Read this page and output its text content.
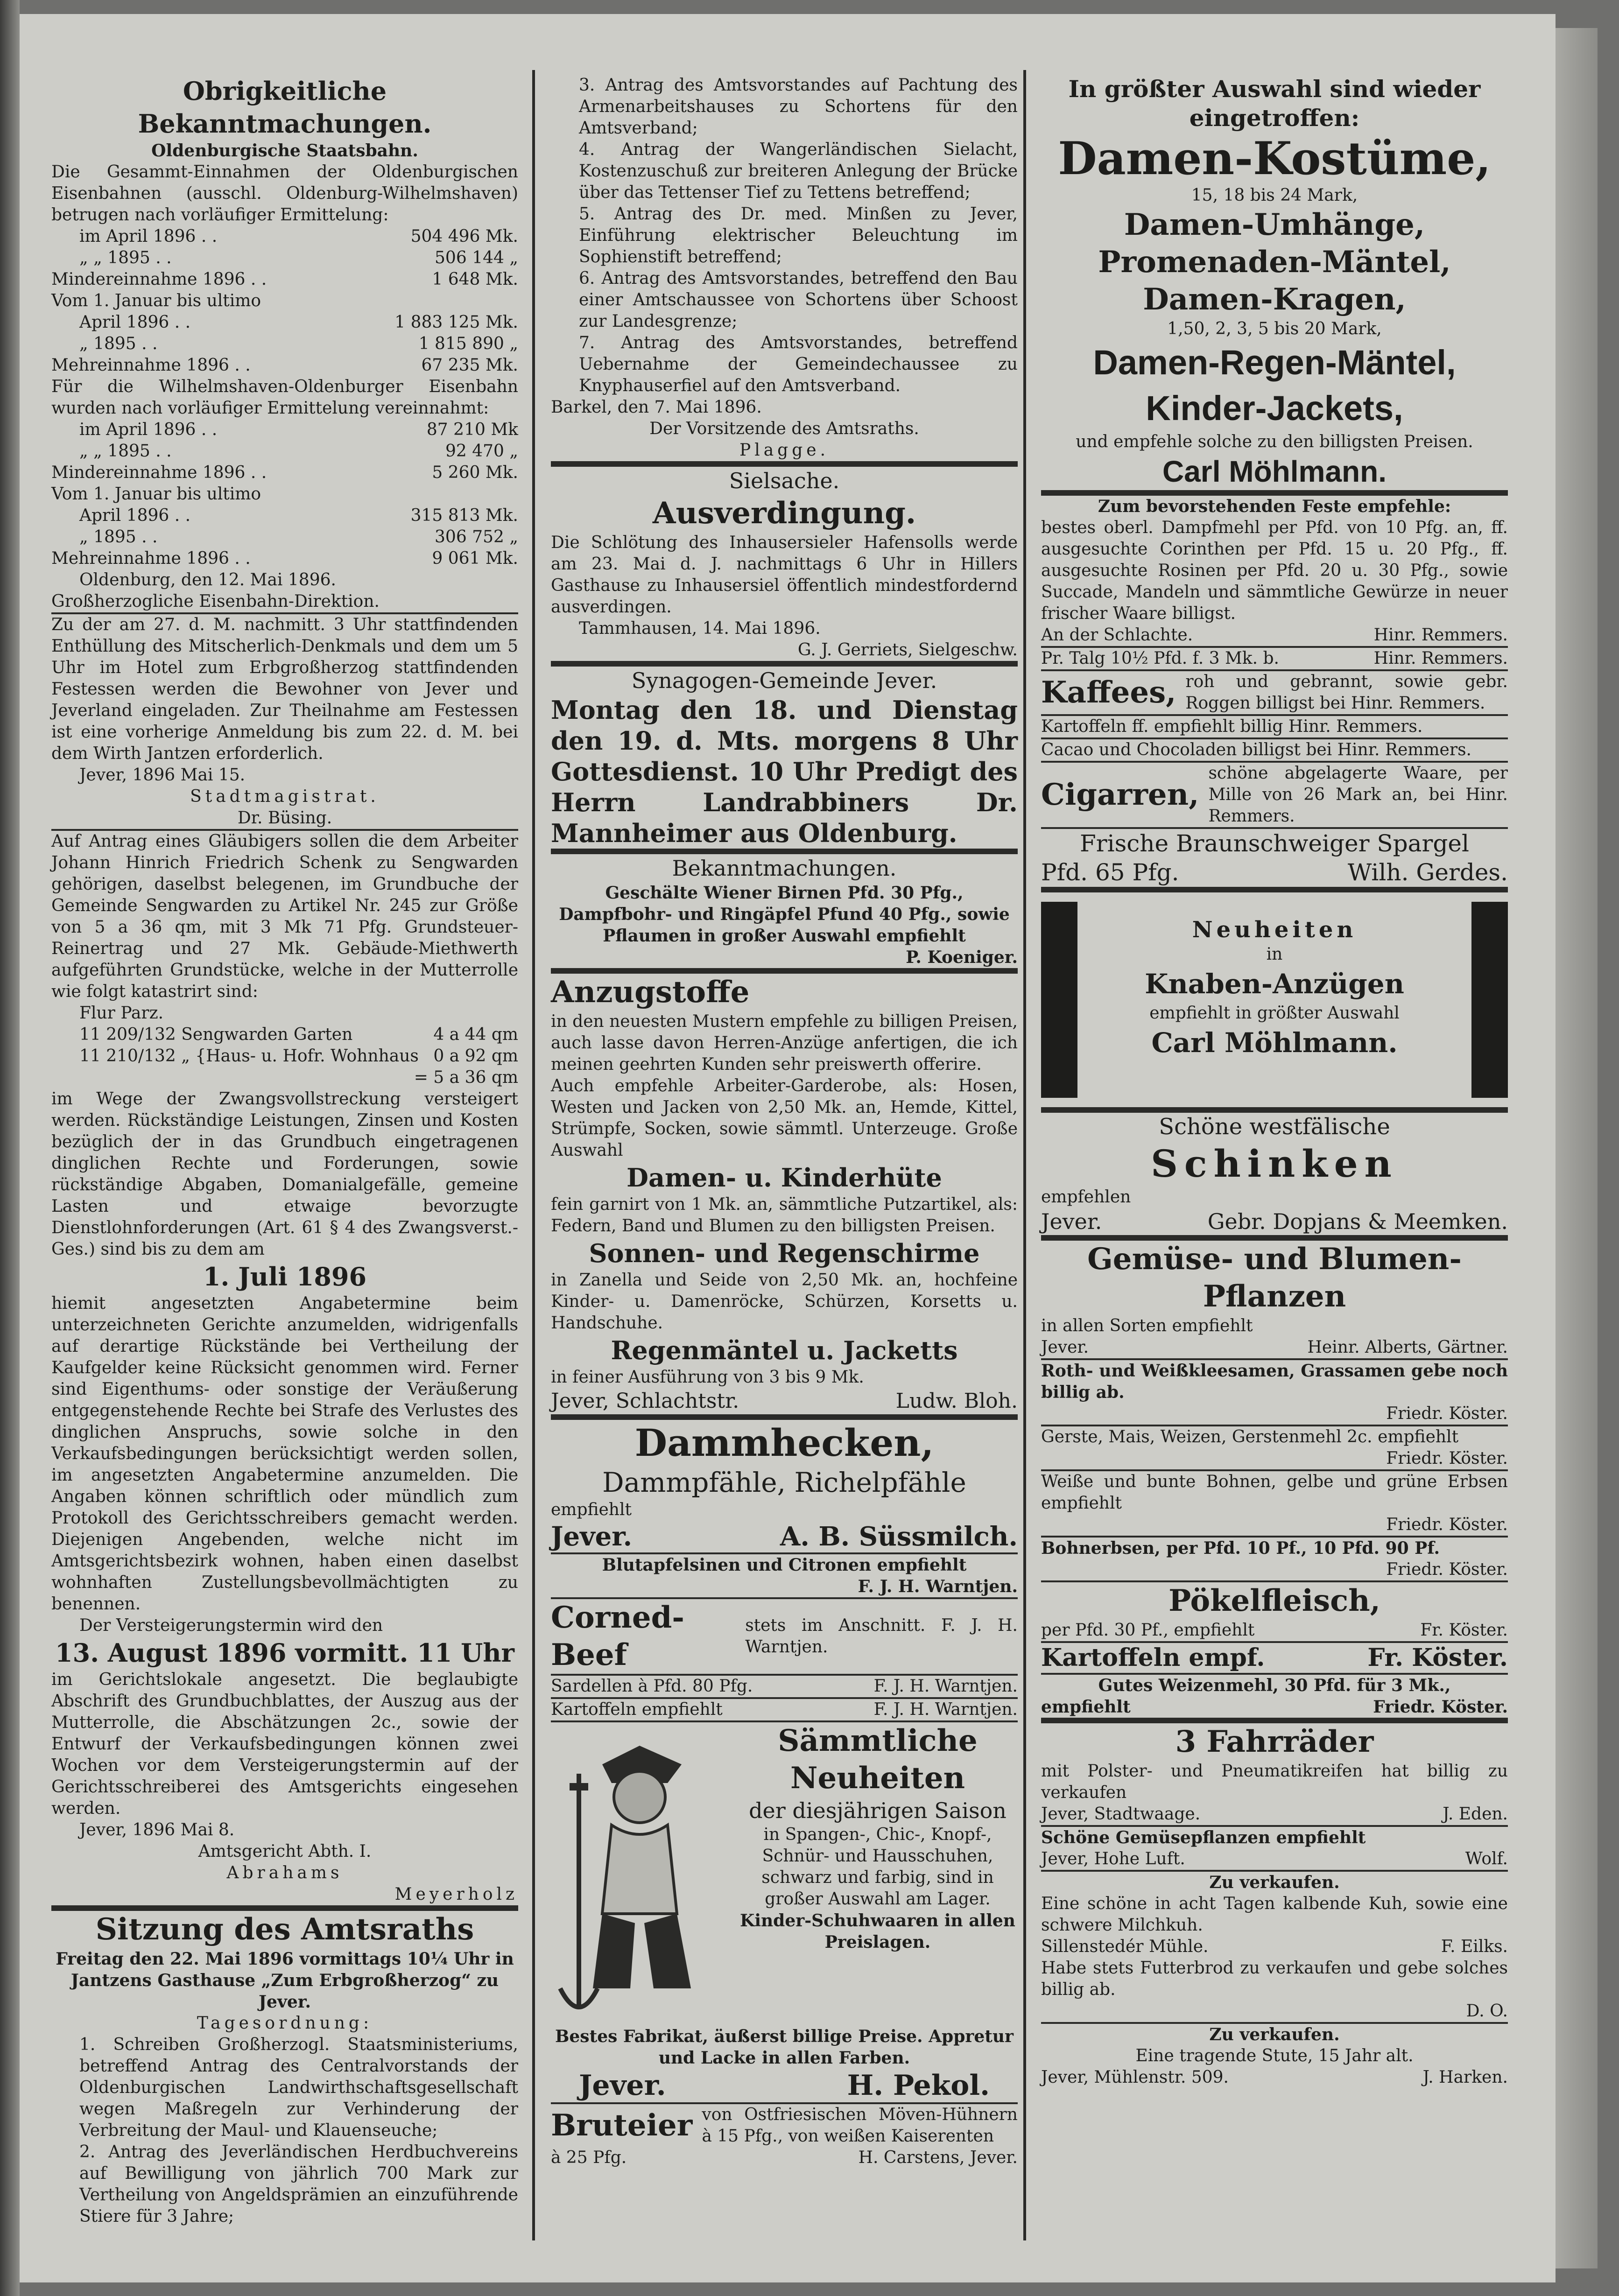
Obrigkeitliche Bekanntmachungen.

Oldenburgische Staatsbahn.

Die Gesammt-Einnahmen der Oldenburgischen Eisenbahnen (ausschl. Oldenburg-Wilhelmshaven) betrugen nach vorläufiger Ermittelung:

im April 1896 . .	504 496 Mk.
„ „ 1895 . .	506 144 „
Mindereinnahme 1896 . .	1 648 Mk.
Vom 1. Januar bis ultimo
April 1896 . .	1 883 125 Mk.
„ 1895 . .	1 815 890 „
Mehreinnahme 1896 . .	67 235 Mk.

Für die Wilhelmshaven-Oldenburger Eisenbahn wurden nach vorläufiger Ermittelung vereinnahmt:

im April 1896 . .	87 210 Mk
„ „ 1895 . .	92 470 „
Mindereinnahme 1896 . .	5 260 Mk.
Vom 1. Januar bis ultimo
April 1896 . .	315 813 Mk.
„ 1895 . .	306 752 „
Mehreinnahme 1896 . .	9 061 Mk.

Oldenburg, den 12. Mai 1896.

Großherzogliche Eisenbahn-Direktion.

Zu der am 27. d. M. nachmitt. 3 Uhr stattfindenden Enthüllung des Mitscherlich-Denkmals und dem um 5 Uhr im Hotel zum Erbgroßherzog stattfindenden Festessen werden die Bewohner von Jever und Jeverland eingeladen. Zur Theilnahme am Festessen ist eine vorherige Anmeldung bis zum 22. d. M. bei dem Wirth Jantzen erforderlich.

Jever, 1896 Mai 15.

Stadtmagistrat.

Dr. Büsing.

Auf Antrag eines Gläubigers sollen die dem Arbeiter Johann Hinrich Friedrich Schenk zu Sengwarden gehörigen, daselbst belegenen, im Grundbuche der Gemeinde Sengwarden zu Artikel Nr. 245 zur Größe von 5 a 36 qm, mit 3 Mk 71 Pfg. Grundsteuer-Reinertrag und 27 Mk. Gebäude-Miethwerth aufgeführten Grundstücke, welche in der Mutterrolle wie folgt katastrirt sind:

Flur Parz.

11 209/132 Sengwarden Garten	4 a 44 qm
11 210/132 „ {Haus- u. Hofr. Wohnhaus 0 a 92 qm

= 5 a 36 qm

im Wege der Zwangsvollstreckung versteigert werden. Rückständige Leistungen, Zinsen und Kosten bezüglich der in das Grundbuch eingetragenen dinglichen Rechte und Forderungen, sowie rückständige Abgaben, Domanialgefälle, gemeine Lasten und etwaige bevorzugte Dienstlohnforderungen (Art. 61 § 4 des Zwangsverst.-Ges.) sind bis zu dem am

1. Juli 1896

hiemit angesetzten Angabetermine beim unterzeichneten Gerichte anzumelden, widrigenfalls auf derartige Rückstände bei Vertheilung der Kaufgelder keine Rücksicht genommen wird. Ferner sind Eigenthums- oder sonstige der Veräußerung entgegenstehende Rechte bei Strafe des Verlustes des dinglichen Anspruchs, sowie solche in den Verkaufsbedingungen berücksichtigt werden sollen, im angesetzten Angabetermine anzumelden. Die Angaben können schriftlich oder mündlich zum Protokoll des Gerichtsschreibers gemacht werden. Diejenigen Angebenden, welche nicht im Amtsgerichtsbezirk wohnen, haben einen daselbst wohnhaften Zustellungsbevollmächtigten zu benennen.

Der Versteigerungstermin wird den

13. August 1896 vormitt. 11 Uhr

im Gerichtslokale angesetzt. Die beglaubigte Abschrift des Grundbuchblattes, der Auszug aus der Mutterrolle, die Abschätzungen 2c., sowie der Entwurf der Verkaufsbedingungen können zwei Wochen vor dem Versteigerungstermin auf der Gerichtsschreiberei des Amtsgerichts eingesehen werden.

Jever, 1896 Mai 8.

Amtsgericht Abth. I.

Abrahams

Meyerholz

Sitzung des Amtsraths

Freitag den 22. Mai 1896 vormittags 10¼ Uhr in Jantzens Gasthause „Zum Erbgroßherzog“ zu Jever.

Tagesordnung:

1. Schreiben Großherzogl. Staatsministeriums, betreffend Antrag des Centralvorstands der Oldenburgischen Landwirthschaftsgesellschaft wegen Maßregeln zur Verhinderung der Verbreitung der Maul- und Klauenseuche;

2. Antrag des Jeverländischen Herdbuchvereins auf Bewilligung von jährlich 700 Mark zur Vertheilung von Angeldsprämien an einzuführende Stiere für 3 Jahre;

3. Antrag des Amtsvorstandes auf Pachtung des Armenarbeitshauses zu Schortens für den Amtsverband;

4. Antrag der Wangerländischen Sielacht, Kostenzuschuß zur breiteren Anlegung der Brücke über das Tettenser Tief zu Tettens betreffend;

5. Antrag des Dr. med. Minßen zu Jever, Einführung elektrischer Beleuchtung im Sophienstift betreffend;

6. Antrag des Amtsvorstandes, betreffend den Bau einer Amtschaussee von Schortens über Schoost zur Landesgrenze;

7. Antrag des Amtsvorstandes, betreffend Uebernahme der Gemeindechaussee zu Knyphauserfiel auf den Amtsverband.

Barkel, den 7. Mai 1896.

Der Vorsitzende des Amtsraths.

Plagge.

Sielsache.

Ausverdingung.

Die Schlötung des Inhausersieler Hafensolls werde am 23. Mai d. J. nachmittags 6 Uhr in Hillers Gasthause zu Inhausersiel öffentlich mindestfordernd ausverdingen.

Tammhausen, 14. Mai 1896.

G. J. Gerriets, Sielgeschw.

Synagogen-Gemeinde Jever.

Montag den 18. und Dienstag den 19. d. Mts. morgens 8 Uhr Gottesdienst. 10 Uhr Predigt des Herrn Landrabbiners Dr. Mannheimer aus Oldenburg.

Bekanntmachungen.

Geschälte Wiener Birnen Pfd. 30 Pfg., Dampfbohr- und Ringäpfel Pfund 40 Pfg., sowie Pflaumen in großer Auswahl empfiehlt

P. Koeniger.

Anzugstoffe

in den neuesten Mustern empfehle zu billigen Preisen, auch lasse davon Herren-Anzüge anfertigen, die ich meinen geehrten Kunden sehr preiswerth offerire.

Auch empfehle Arbeiter-Garderobe, als: Hosen, Westen und Jacken von 2,50 Mk. an, Hemde, Kittel, Strümpfe, Socken, sowie sämmtl. Unterzeuge. Große Auswahl

Damen- u. Kinderhüte

fein garnirt von 1 Mk. an, sämmtliche Putzartikel, als: Federn, Band und Blumen zu den billigsten Preisen.

Sonnen- und Regenschirme

in Zanella und Seide von 2,50 Mk. an, hochfeine Kinder- u. Damenröcke, Schürzen, Korsetts u. Handschuhe.

Regenmäntel u. Jacketts

in feiner Ausführung von 3 bis 9 Mk.

Jever, Schlachtstr.	Ludw. Bloh.

Dammhecken,

Dammpfähle, Richelpfähle

empfiehlt

Jever.	A. B. Süssmilch.

Blutapfelsinen und Citronen empfiehlt

F. J. H. Warntjen.

Corned-Beef
stets im Anschnitt. F. J. H. Warntjen.
Sardellen à Pfd. 80 Pfg.	F. J. H. Warntjen.
Kartoffeln empfiehlt	F. J. H. Warntjen.

Sämmtliche Neuheiten

der diesjährigen Saison

in Spangen-, Chic-, Knopf-, Schnür- und Hausschuhen, schwarz und farbig, sind in großer Auswahl am Lager.

Kinder-Schuhwaaren in allen Preislagen.

Bestes Fabrikat, äußerst billige Preise. Appretur und Lacke in allen Farben.

Jever.	H. Pekol.
Bruteier von Ostfriesischen Möven-Hühnern à 15 Pfg., von weißen Kaiserenten
à 25 Pfg.	H. Carstens, Jever.

In größter Auswahl sind wieder eingetroffen:

Damen-Kostüme,

15, 18 bis 24 Mark,

Damen-Umhänge,

Promenaden-Mäntel,

Damen-Kragen,

1,50, 2, 3, 5 bis 20 Mark,

Damen-Regen-Mäntel,

Kinder-Jackets,

und empfehle solche zu den billigsten Preisen.

Carl Möhlmann.

Zum bevorstehenden Feste empfehle:

bestes oberl. Dampfmehl per Pfd. von 10 Pfg. an, ff. ausgesuchte Corinthen per Pfd. 15 u. 20 Pfg., ff. ausgesuchte Rosinen per Pfd. 20 u. 30 Pfg., sowie Succade, Mandeln und sämmtliche Gewürze in neuer frischer Waare billigst.

An der Schlachte.	Hinr. Remmers.
Pr. Talg 10½ Pfd. f. 3 Mk. b.	Hinr. Remmers.
Kaffees, roh und gebrannt, sowie gebr. Roggen billigst bei Hinr. Remmers.

Kartoffeln ff. empfiehlt billig Hinr. Remmers.

Cacao und Chocoladen billigst bei Hinr. Remmers.

Cigarren,
schöne abgelagerte Waare, per Mille von 26 Mark an, bei Hinr. Remmers.

Frische Braunschweiger Spargel

Pfd. 65 Pfg.	Wilh. Gerdes.

Neuheiten

in

Knaben-Anzügen

empfiehlt in größter Auswahl

Carl Möhlmann.

Schöne westfälische

Schinken

empfehlen

Jever.	Gebr. Dopjans & Meemken.

Gemüse- und Blumen-Pflanzen

in allen Sorten empfiehlt

Jever.	Heinr. Alberts, Gärtner.

Roth- und Weißkleesamen, Grassamen gebe noch billig ab.

Friedr. Köster.

Gerste, Mais, Weizen, Gerstenmehl 2c. empfiehlt

Friedr. Köster.

Weiße und bunte Bohnen, gelbe und grüne Erbsen empfiehlt

Friedr. Köster.

Bohnerbsen, per Pfd. 10 Pf., 10 Pfd. 90 Pf.

Friedr. Köster.

Pökelfleisch,

per Pfd. 30 Pf., empfiehlt	Fr. Köster.
Kartoffeln empf.	Fr. Köster.

Gutes Weizenmehl, 30 Pfd. für 3 Mk.,

empfiehlt	Friedr. Köster.

3 Fahrräder

mit Polster- und Pneumatikreifen hat billig zu verkaufen

Jever, Stadtwaage.	J. Eden.

Schöne Gemüsepflanzen empfiehlt

Jever, Hohe Luft.	Wolf.

Zu verkaufen.

Eine schöne in acht Tagen kalbende Kuh, sowie eine schwere Milchkuh.

Sillenstedér Mühle.	F. Eilks.

Habe stets Futterbrod zu verkaufen und gebe solches billig ab.

D. O.

Zu verkaufen.

Eine tragende Stute, 15 Jahr alt.

Jever, Mühlenstr. 509.	J. Harken.
